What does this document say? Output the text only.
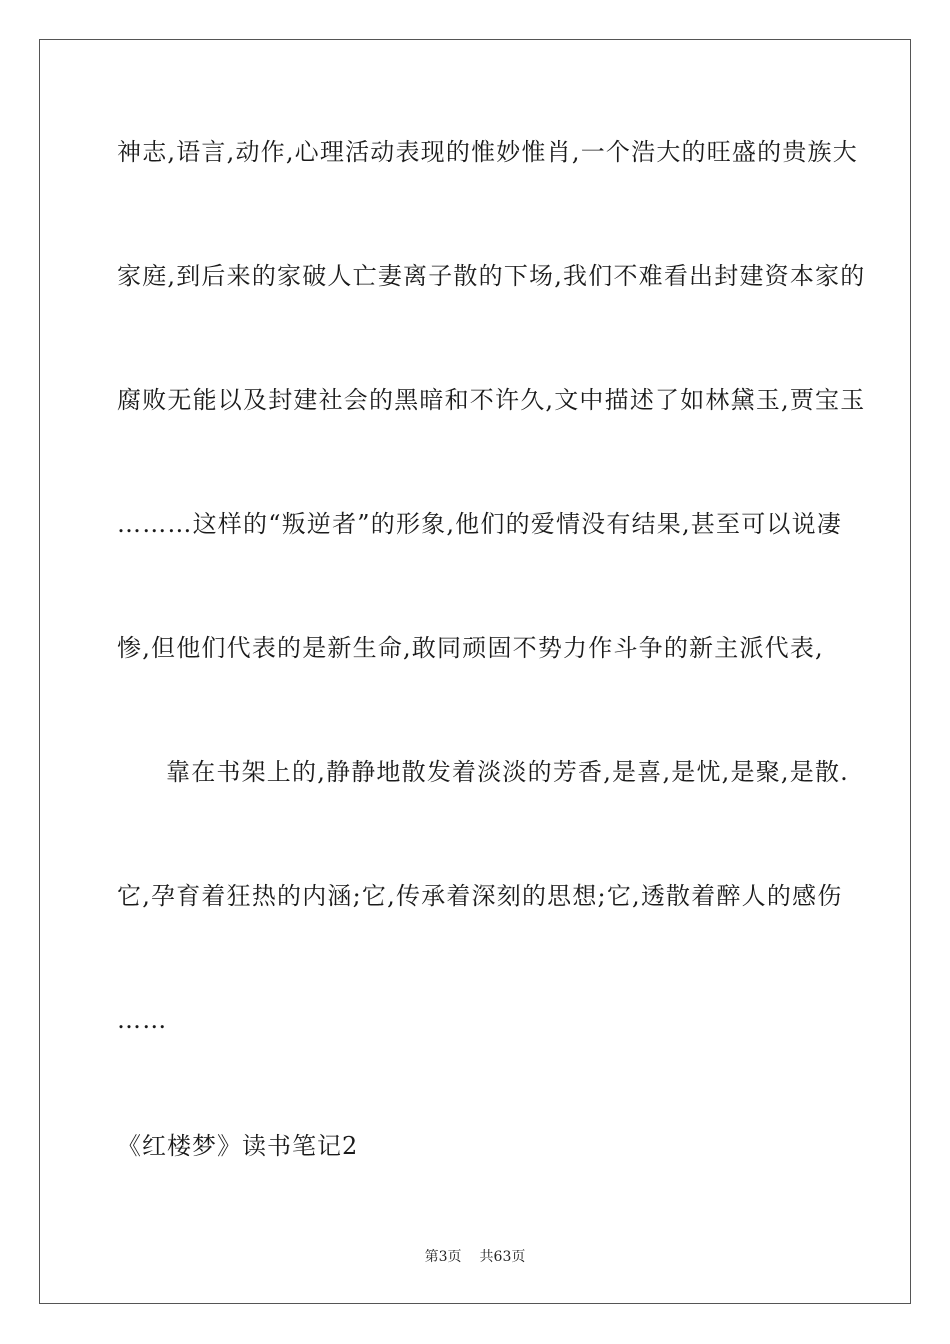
神志,语言,动作,心理活动表现的惟妙惟肖,一个浩大的旺盛的贵族大
家庭,到后来的家破人亡妻离子散的下场,我们不难看出封建资本家的
腐败无能以及封建社会的黑暗和不许久,文中描述了如林黛玉,贾宝玉
………这样的“叛逆者”的形象,他们的爱情没有结果,甚至可以说凄
惨,但他们代表的是新生命,敢同顽固不势力作斗争的新主派代表,
靠在书架上的,静静地散发着淡淡的芳香,是喜,是忧,是聚,是散.
它,孕育着狂热的内涵;它,传承着深刻的思想;它,透散着醉人的感伤
……
《红楼梦》读书笔记2
第3页 共63页
